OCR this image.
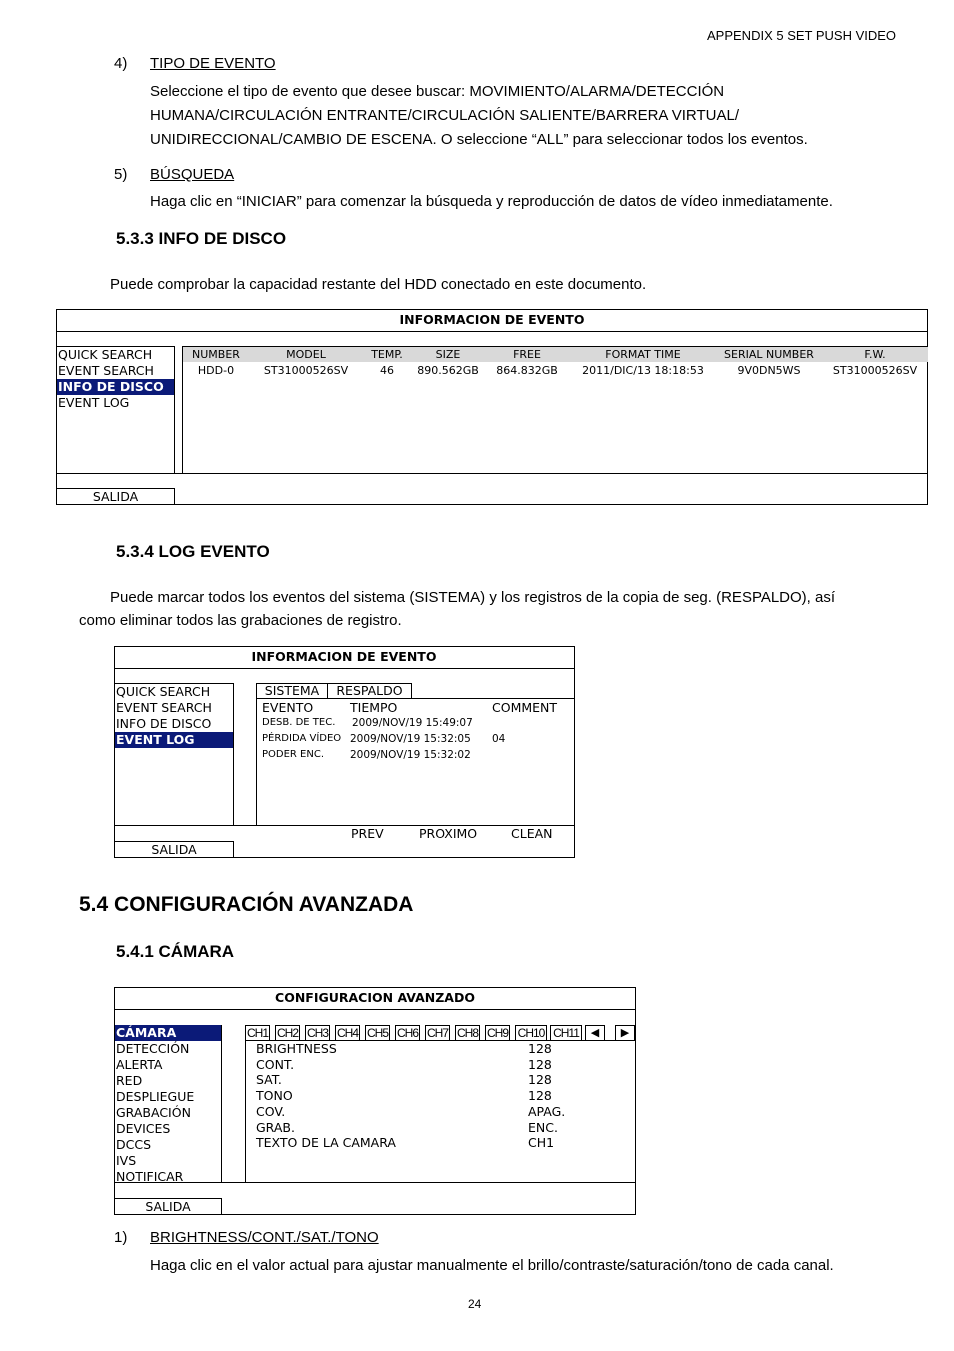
APPENDIX 5 SET PUSH VIDEO
4) TIPO DE EVENTO
Seleccione el tipo de evento que desee buscar: MOVIMIENTO/ALARMA/DETECCIÓN
HUMANA/CIRCULACIÓN ENTRANTE/CIRCULACIÓN SALIENTE/BARRERA VIRTUAL/
UNIDIRECCIONAL/CAMBIO DE ESCENA. O seleccione “ALL” para seleccionar todos los eventos.
5) BÚSQUEDA
Haga clic en “INICIAR” para comenzar la búsqueda y reproducción de datos de vídeo inmediatamente.
5.3.3 INFO DE DISCO
Puede comprobar la capacidad restante del HDD conectado en este documento.
INFORMACION DE EVENTO
QUICK SEARCH
EVENT SEARCH
INFO DE DISCO
EVENT LOG
NUMBER	MODEL	TEMP.	SIZE	FREE	FORMAT TIME	SERIAL NUMBER	F.W.
HDD-0	ST31000526SV	46	890.562GB	864.832GB	2011/DIC/13 18:18:53	9V0DN5WS	ST31000526SV
SALIDA
5.3.4 LOG EVENTO
Puede marcar todos los eventos del sistema (SISTEMA) y los registros de la copia de seg. (RESPALDO), así
como eliminar todos las grabaciones de registro.
INFORMACION DE EVENTO
QUICK SEARCH
EVENT SEARCH
INFO DE DISCO
EVENT LOG
EVENTO	TIEMPO	COMMENT
DESB. DE TEC. 2009/NOV/19 15:49:07
PÉRDIDA VÍDEO 2009/NOV/19 15:32:05 04
PODER ENC. 2009/NOV/19 15:32:02
SISTEMA	RESPALDO
PREV	PROXIMO	CLEAN
SALIDA
5.4 CONFIGURACIÓN AVANZADA
5.4.1 CÁMARA
CONFIGURACION AVANZADO
CÁMARA
DETECCIÓN
ALERTA
RED
DESPLIEGUE
GRABACIÓN
DEVICES
DCCS
IVS
NOTIFICAR
CH1 CH2 CH3 CH4 CH5 CH6 CH7 CH8 CH9 CH10 CH11	◀	▶
BRIGHTNESS	128
CONT.	128
SAT.	128
TONO	128
COV.	APAG.
GRAB.	ENC.
TEXTO DE LA CAMARA	CH1
SALIDA
1) BRIGHTNESS/CONT./SAT./TONO
Haga clic en el valor actual para ajustar manualmente el brillo/contraste/saturación/tono de cada canal.
24
